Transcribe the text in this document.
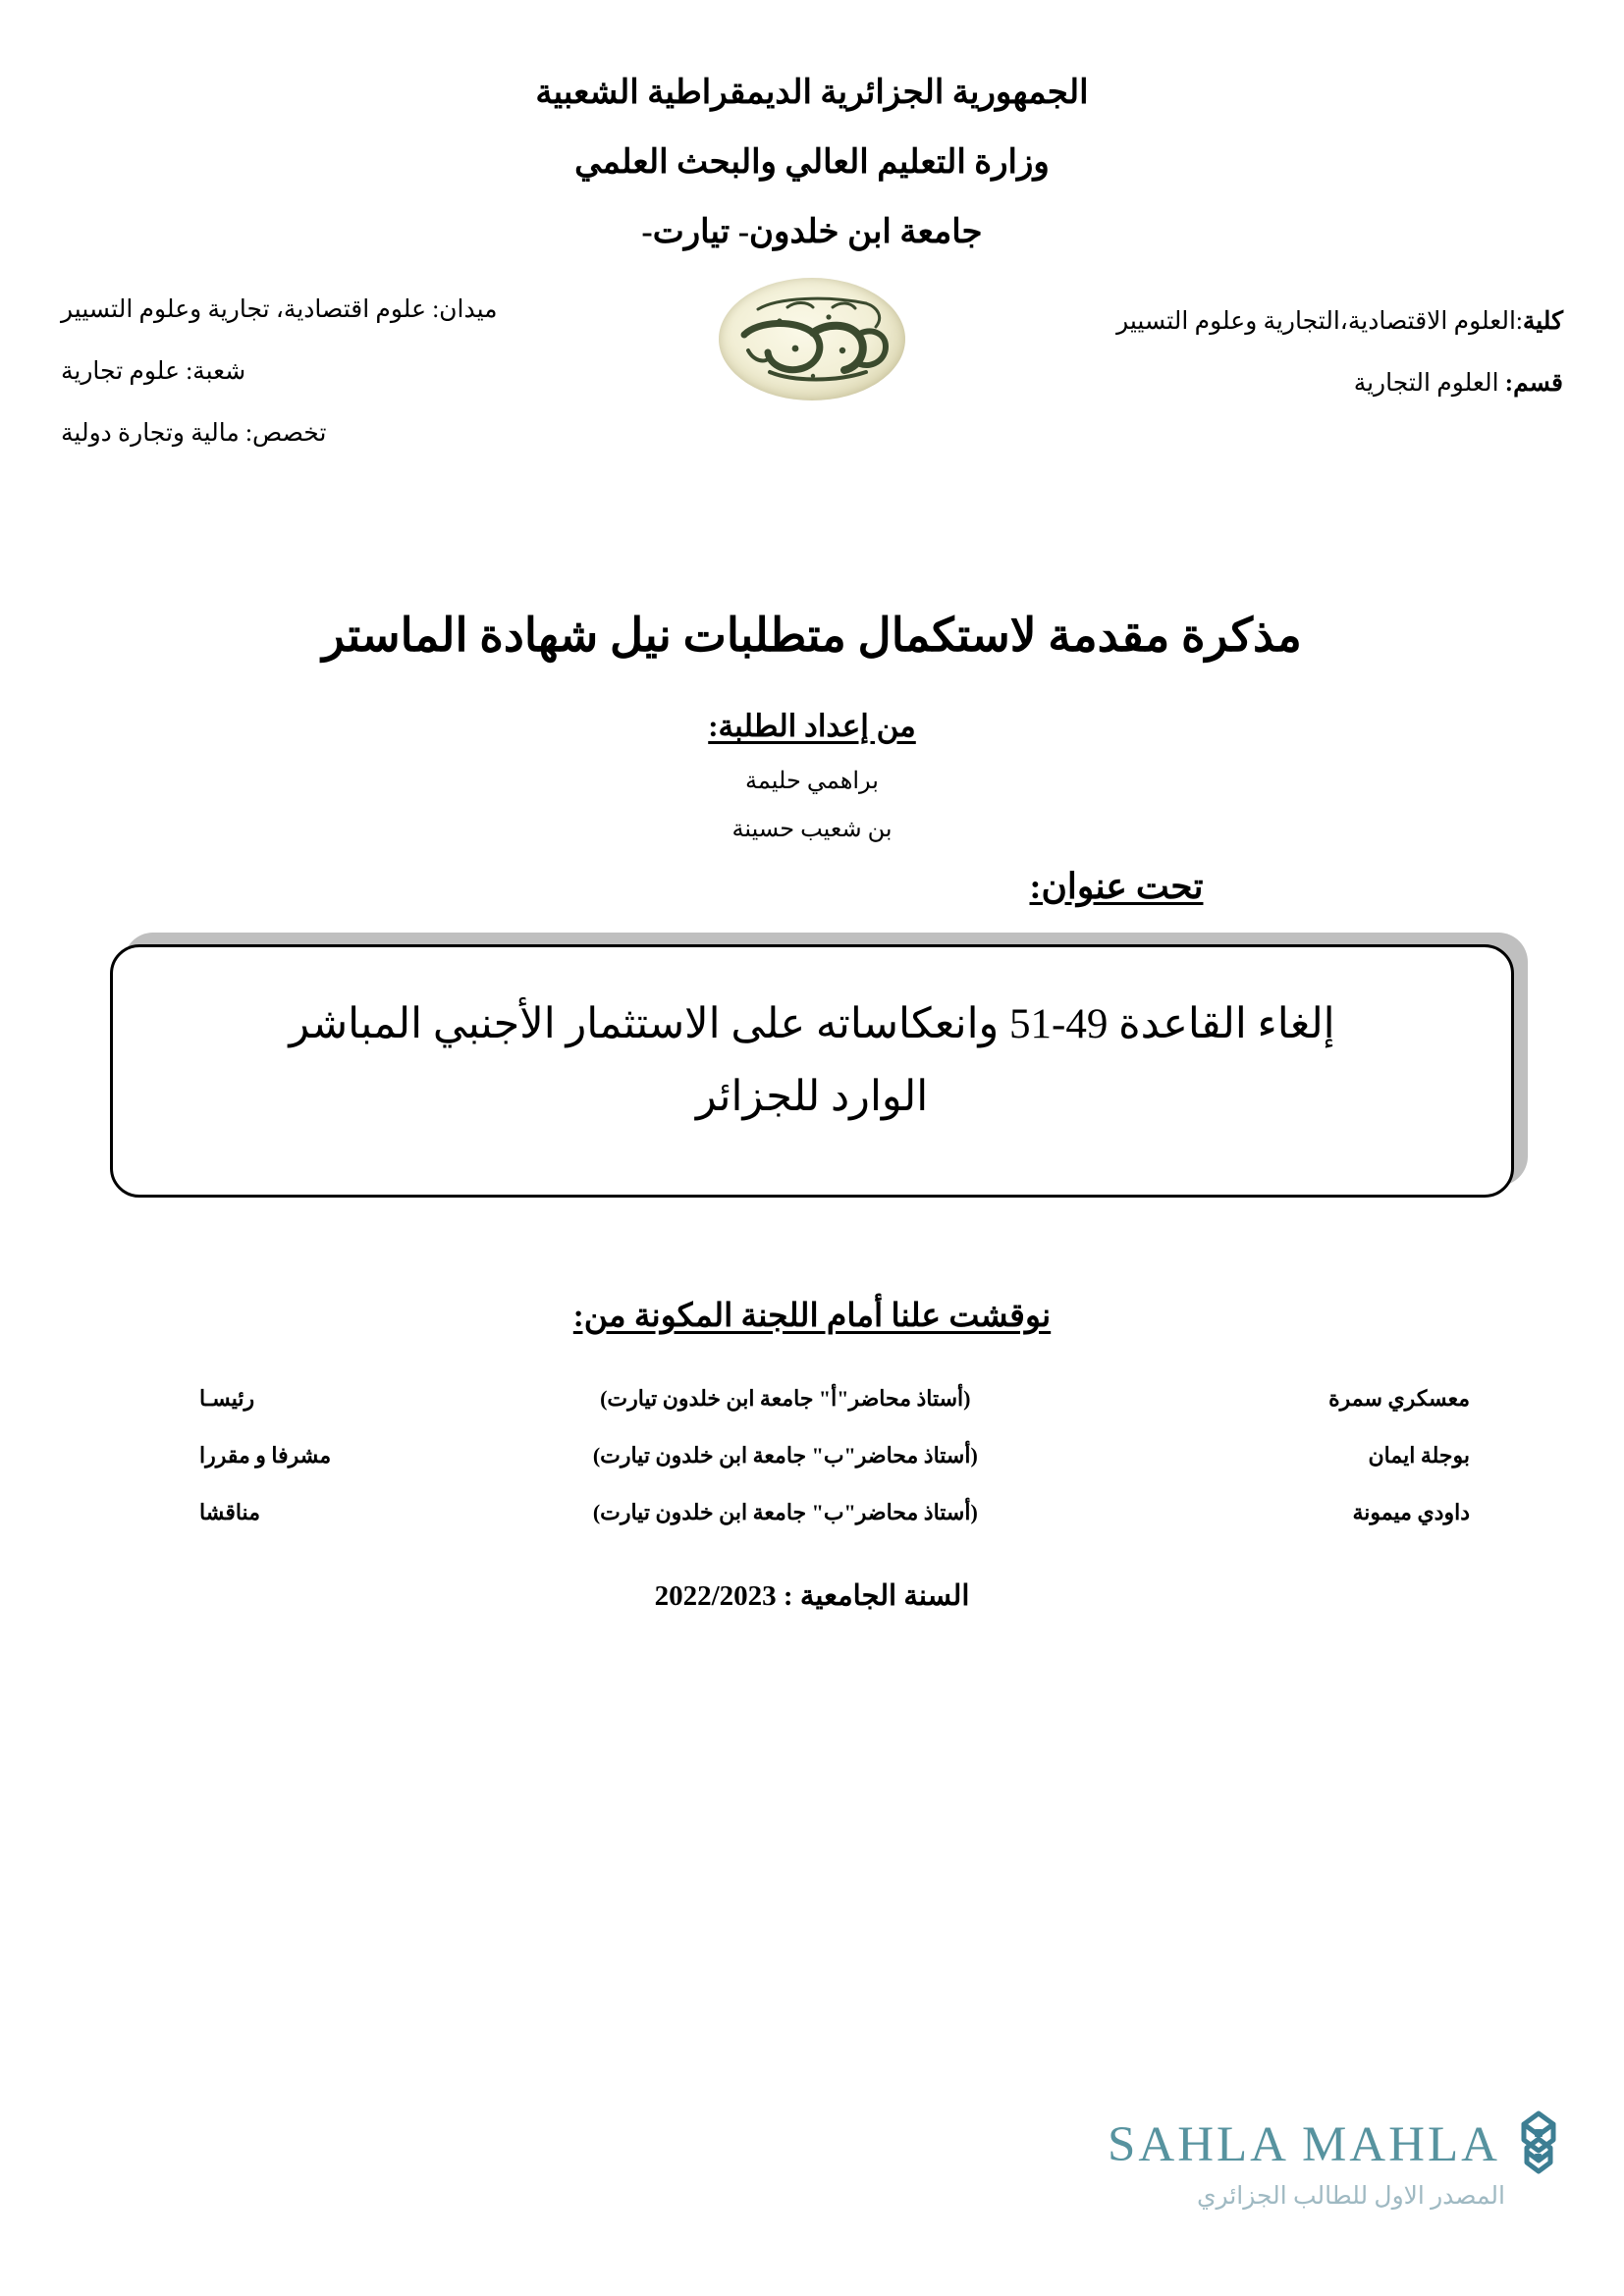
الجمهورية الجزائرية الديمقراطية الشعبية
وزارة التعليم العالي والبحث العلمي
جامعة ابن خلدون- تيارت-
كلية:العلوم الاقتصادية،التجارية وعلوم التسيير
قسم: العلوم التجارية
ميدان: علوم اقتصادية، تجارية وعلوم التسيير
شعبة: علوم تجارية
تخصص: مالية وتجارة دولية
مذكرة مقدمة لاستكمال متطلبات نيل شهادة الماستر
من إعداد الطلبة:
براهمي حليمة
بن شعيب حسينة
تحت عنوان:
إلغاء القاعدة 49-51 وانعكاساته على الاستثمار الأجنبي المباشر
الوارد للجزائر
نوقشت علنا أمام اللجنة المكونة من:
معسكري سمرة	(أستاذ محاضر"أ" جامعة ابن خلدون تيارت)	رئيسـا
بوجلة ايمان	(أستاذ محاضر"ب" جامعة ابن خلدون تيارت)	مشرفا و مقررا
داودي ميمونة	(أستاذ محاضر"ب" جامعة ابن خلدون تيارت)	مناقشا
السنة الجامعية : 2022/2023
SAHLA MAHLA
المصدر الاول للطالب الجزائري
